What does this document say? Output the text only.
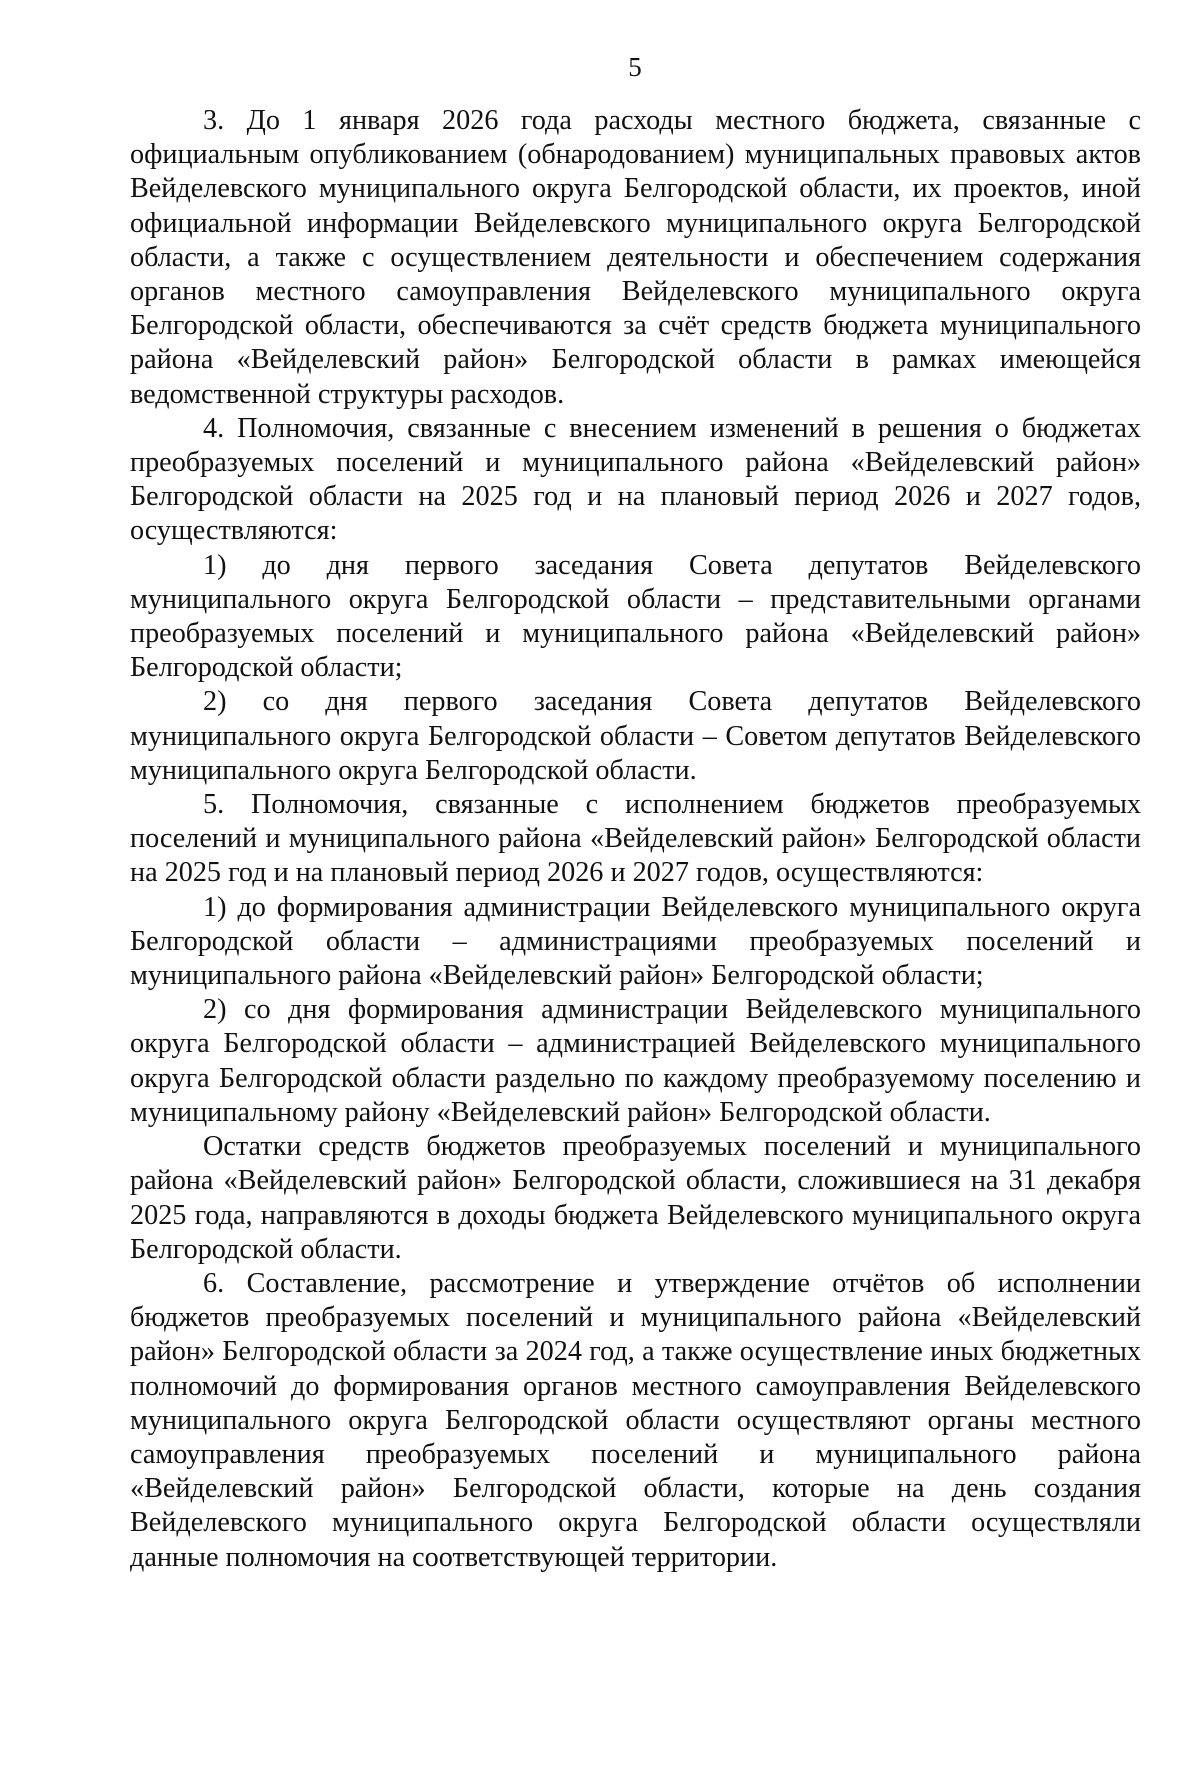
5

3. До 1 января 2026 года расходы местного бюджета, связанные с официальным опубликованием (обнародованием) муниципальных правовых актов Вейделевского муниципального округа Белгородской области, их проектов, иной официальной информации Вейделевского муниципального округа Белгородской области, а также с осуществлением деятельности и обеспечением содержания органов местного самоуправления Вейделевского муниципального округа Белгородской области, обеспечиваются за счёт средств бюджета муниципального района «Вейделевский район» Белгородской области в рамках имеющейся ведомственной структуры расходов.

4. Полномочия, связанные с внесением изменений в решения о бюджетах преобразуемых поселений и муниципального района «Вейделевский район» Белгородской области на 2025 год и на плановый период 2026 и 2027 годов, осуществляются:

1) до дня первого заседания Совета депутатов Вейделевского муниципального округа Белгородской области – представительными органами преобразуемых поселений и муниципального района «Вейделевский район» Белгородской области;

2) со дня первого заседания Совета депутатов Вейделевского муниципального округа Белгородской области – Советом депутатов Вейделевского муниципального округа Белгородской области.

5. Полномочия, связанные с исполнением бюджетов преобразуемых поселений и муниципального района «Вейделевский район» Белгородской области на 2025 год и на плановый период 2026 и 2027 годов, осуществляются:

1) до формирования администрации Вейделевского муниципального округа Белгородской области – администрациями преобразуемых поселений и муниципального района «Вейделевский район» Белгородской области;

2) со дня формирования администрации Вейделевского муниципального округа Белгородской области – администрацией Вейделевского муниципального округа Белгородской области раздельно по каждому преобразуемому поселению и муниципальному району «Вейделевский район» Белгородской области.

Остатки средств бюджетов преобразуемых поселений и муниципального района «Вейделевский район» Белгородской области, сложившиеся на 31 декабря 2025 года, направляются в доходы бюджета Вейделевского муниципального округа Белгородской области.

6. Составление, рассмотрение и утверждение отчётов об исполнении бюджетов преобразуемых поселений и муниципального района «Вейделевский район» Белгородской области за 2024 год, а также осуществление иных бюджетных полномочий до формирования органов местного самоуправления Вейделевского муниципального округа Белгородской области осуществляют органы местного самоуправления преобразуемых поселений и муниципального района «Вейделевский район» Белгородской области, которые на день создания Вейделевского муниципального округа Белгородской области осуществляли данные полномочия на соответствующей территории.
